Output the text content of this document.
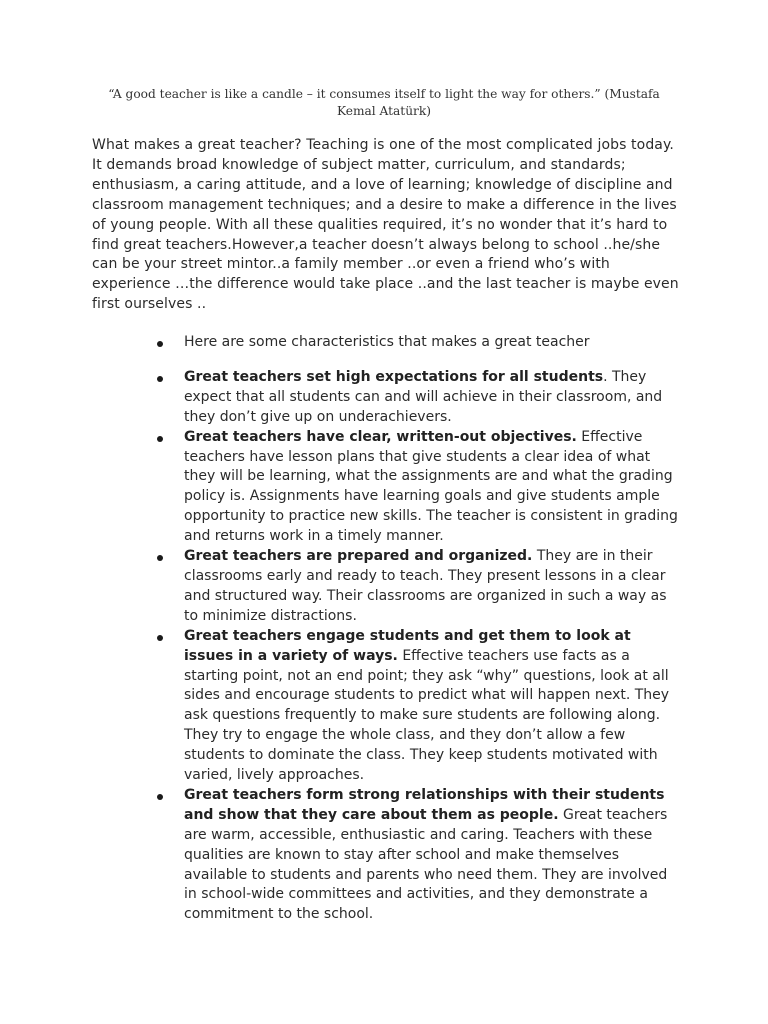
“A good teacher is like a candle – it consumes itself to light the way for others.” (Mustafa Kemal Atatürk)

What makes a great teacher? Teaching is one of the most complicated jobs today. It demands broad knowledge of subject matter, curriculum, and standards; enthusiasm, a caring attitude, and a love of learning; knowledge of discipline and classroom management techniques; and a desire to make a difference in the lives of young people. With all these qualities required, it’s no wonder that it’s hard to find great teachers.However,a teacher doesn’t always belong to school ..he/she can be your street mintor..a family member ..or even a friend who’s with experience …the difference would take place ..and the last teacher is maybe even first ourselves ..

Here are some characteristics that makes a great teacher
Great teachers set high expectations for all students. They expect that all students can and will achieve in their classroom, and they don’t give up on underachievers.
Great teachers have clear, written-out objectives. Effective teachers have lesson plans that give students a clear idea of what they will be learning, what the assignments are and what the grading policy is. Assignments have learning goals and give students ample opportunity to practice new skills. The teacher is consistent in grading and returns work in a timely manner.
Great teachers are prepared and organized. They are in their classrooms early and ready to teach. They present lessons in a clear and structured way. Their classrooms are organized in such a way as to minimize distractions.
Great teachers engage students and get them to look at issues in a variety of ways. Effective teachers use facts as a starting point, not an end point; they ask “why” questions, look at all sides and encourage students to predict what will happen next. They ask questions frequently to make sure students are following along. They try to engage the whole class, and they don’t allow a few students to dominate the class. They keep students motivated with varied, lively approaches.
Great teachers form strong relationships with their students and show that they care about them as people. Great teachers are warm, accessible, enthusiastic and caring. Teachers with these qualities are known to stay after school and make themselves available to students and parents who need them. They are involved in school-wide committees and activities, and they demonstrate a commitment to the school.
